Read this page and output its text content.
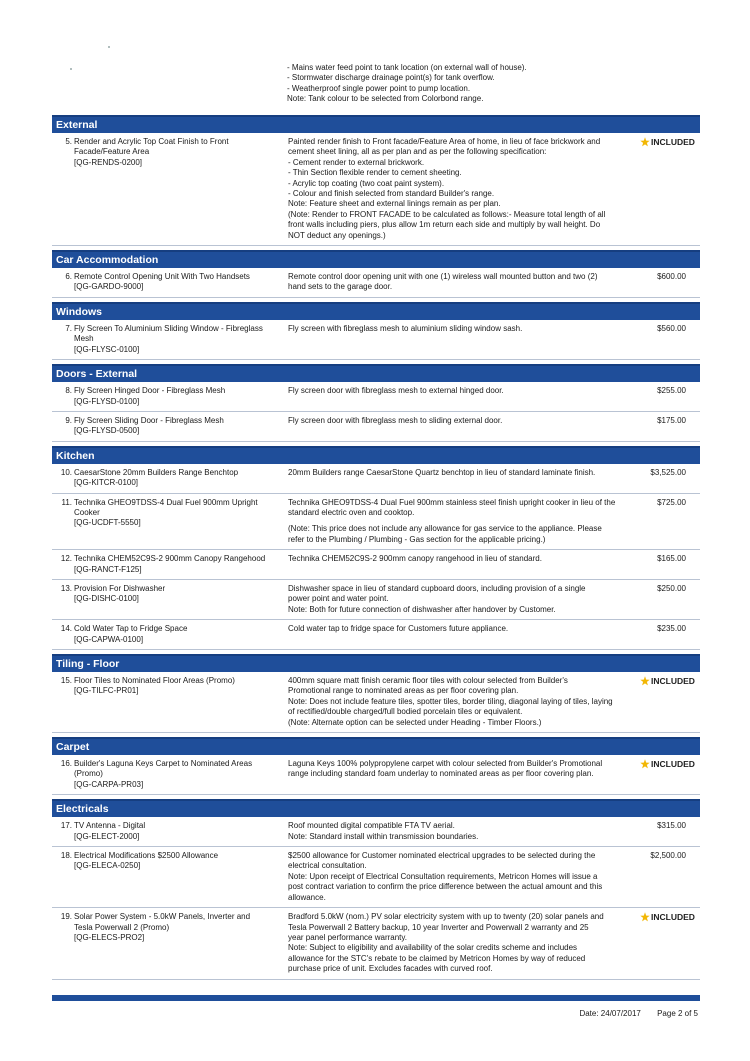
- Mains water feed point to tank location (on external wall of house).
- Stormwater discharge drainage point(s) for tank overflow.
- Weatherproof single power point to pump location.
Note: Tank colour to be selected from Colorbond range.
External
5. Render and Acrylic Top Coat Finish to Front
Facade/Feature Area
[QG-RENDS-0200]
Painted render finish to Front facade/Feature Area of home, in lieu of face brickwork and
cement sheet lining, all as per plan and as per the following specification:
- Cement render to external brickwork.
- Thin Section flexible render to cement sheeting.
- Acrylic top coating (two coat paint system).
- Colour and finish selected from standard Builder's range.
Note: Feature sheet and external linings remain as per plan.
(Note: Render to FRONT FACADE to be calculated as follows:- Measure total length of all
front walls including piers, plus allow 1m return each side and multiply by wall height. Do
NOT deduct any openings.)
INCLUDED
Car Accommodation
6. Remote Control Opening Unit With Two Handsets
[QG-GARDO-9000]
Remote control door opening unit with one (1) wireless wall mounted button and two (2)
hand sets to the garage door.
$600.00
Windows
7. Fly Screen To Aluminium Sliding Window - Fibreglass
Mesh
[QG-FLYSC-0100]
Fly screen with fibreglass mesh to aluminium sliding window sash.	$560.00
Doors - External
8. Fly Screen Hinged Door - Fibreglass Mesh
[QG-FLYSD-0100]
Fly screen door with fibreglass mesh to external hinged door.	$255.00
9. Fly Screen Sliding Door - Fibreglass Mesh
[QG-FLYSD-0500]
Fly screen door with fibreglass mesh to sliding external door.	$175.00
Kitchen
10. CaesarStone 20mm Builders Range Benchtop
[QG-KITCR-0100]
20mm Builders range CaesarStone Quartz benchtop in lieu of standard laminate finish.	$3,525.00
11. Technika GHEO9TDSS-4 Dual Fuel 900mm Upright
Cooker
[QG-UCDFT-5550]
Technika GHEO9TDSS-4 Dual Fuel 900mm stainless steel finish upright cooker in lieu of the
standard electric oven and cooktop.
(Note: This price does not include any allowance for gas service to the appliance. Please
refer to the Plumbing / Plumbing - Gas section for the applicable pricing.)
$725.00
12. Technika CHEM52C9S-2 900mm Canopy Rangehood
[QG-RANCT-F125]
Technika CHEM52C9S-2 900mm canopy rangehood in lieu of standard.	$165.00
13. Provision For Dishwasher
[QG-DISHC-0100]
Dishwasher space in lieu of standard cupboard doors, including provision of a single
power point and water point.
Note: Both for future connection of dishwasher after handover by Customer.
$250.00
14. Cold Water Tap to Fridge Space
[QG-CAPWA-0100]
Cold water tap to fridge space for Customers future appliance.	$235.00
Tiling - Floor
15. Floor Tiles to Nominated Floor Areas (Promo)
[QG-TILFC-PR01]
400mm square matt finish ceramic floor tiles with colour selected from Builder's
Promotional range to nominated areas as per floor covering plan.
Note: Does not include feature tiles, spotter tiles, border tiling, diagonal laying of tiles, laying
of rectified/double charged/full bodied porcelain tiles or equivalent.
(Note: Alternate option can be selected under Heading - Timber Floors.)
INCLUDED
Carpet
16. Builder's Laguna Keys Carpet to Nominated Areas
(Promo)
[QG-CARPA-PR03]
Laguna Keys 100% polypropylene carpet with colour selected from Builder's Promotional
range including standard foam underlay to nominated areas as per floor covering plan.
INCLUDED
Electricals
17. TV Antenna - Digital
[QG-ELECT-2000]
Roof mounted digital compatible FTA TV aerial.
Note: Standard install within transmission boundaries.
$315.00
18. Electrical Modifications $2500 Allowance
[QG-ELECA-0250]
$2500 allowance for Customer nominated electrical upgrades to be selected during the
electrical consultation.
Note: Upon receipt of Electrical Consultation requirements, Metricon Homes will issue a
post contract variation to confirm the price difference between the actual amount and this
allowance.
$2,500.00
19. Solar Power System - 5.0kW Panels, Inverter and
Tesla Powerwall 2 (Promo)
[QG-ELECS-PRO2]
Bradford 5.0kW (nom.) PV solar electricity system with up to twenty (20) solar panels and
Tesla Powerwall 2 Battery backup, 10 year Inverter and Powerwall 2 warranty and 25
year panel performance warranty.
Note: Subject to eligibility and availability of the solar credits scheme and includes
allowance for the STC's rebate to be claimed by Metricon Homes by way of reduced
purchase price of unit. Excludes facades with curved roof.
INCLUDED
Date: 24/07/2017 Page 2 of 5
